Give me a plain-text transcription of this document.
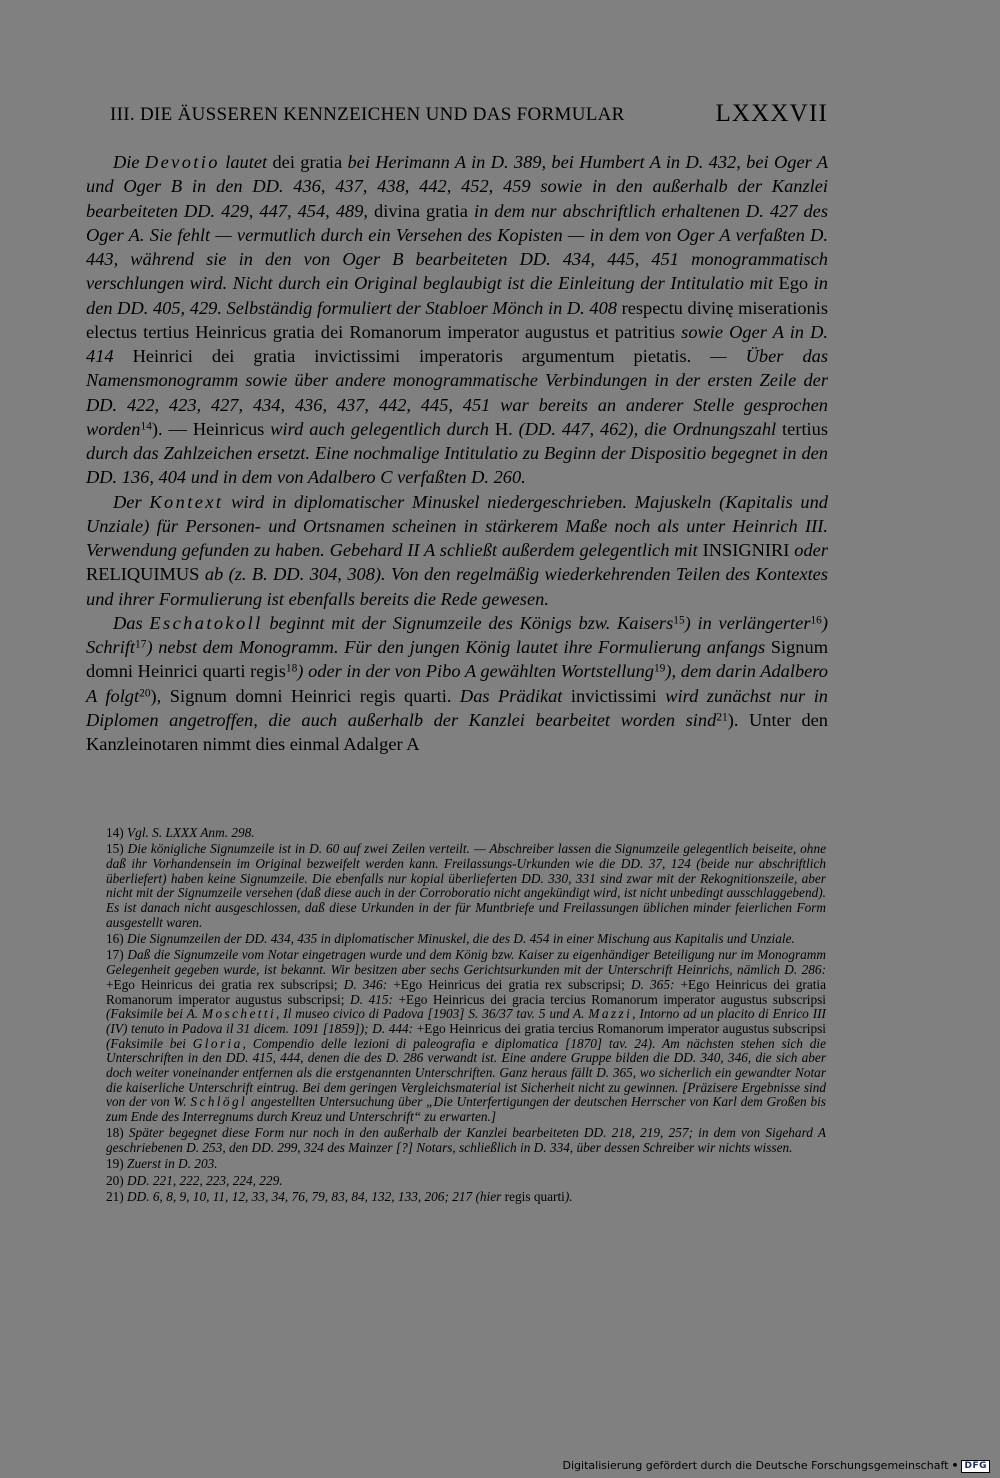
III. DIE ÄUSSEREN KENNZEICHEN UND DAS FORMULAR	LXXXVII

Die Devotio lautet dei gratia bei Herimann A in D. 389, bei Humbert A in D. 432, bei Oger A und Oger B in den DD. 436, 437, 438, 442, 452, 459 sowie in den außerhalb der Kanzlei bearbeiteten DD. 429, 447, 454, 489, divina gratia in dem nur abschriftlich erhaltenen D. 427 des Oger A. Sie fehlt — vermutlich durch ein Versehen des Kopisten — in dem von Oger A verfaßten D. 443, während sie in den von Oger B bearbeiteten DD. 434, 445, 451 monogrammatisch verschlungen wird. Nicht durch ein Original beglaubigt ist die Einleitung der Intitulatio mit Ego in den DD. 405, 429. Selbständig formuliert der Stabloer Mönch in D. 408 respectu divinę miserationis electus tertius Heinricus gratia dei Romanorum imperator augustus et patritius sowie Oger A in D. 414 Heinrici dei gratia invictissimi imperatoris argumentum pietatis. — Über das Namensmonogramm sowie über andere monogrammatische Verbindungen in der ersten Zeile der DD. 422, 423, 427, 434, 436, 437, 442, 445, 451 war bereits an anderer Stelle gesprochen worden$^{14}$). — Heinricus wird auch gelegentlich durch H. (DD. 447, 462), die Ordnungszahl tertius durch das Zahlzeichen ersetzt. Eine nochmalige Intitulatio zu Beginn der Dispositio begegnet in den DD. 136, 404 und in dem von Adalbero C verfaßten D. 260.

Der Kontext wird in diplomatischer Minuskel niedergeschrieben. Majuskeln (Kapitalis und Unziale) für Personen- und Ortsnamen scheinen in stärkerem Maße noch als unter Heinrich III. Verwendung gefunden zu haben. Gebehard II A schließt außerdem gelegentlich mit INSIGNIRI oder RELIQUIMUS ab (z. B. DD. 304, 308). Von den regelmäßig wiederkehrenden Teilen des Kontextes und ihrer Formulierung ist ebenfalls bereits die Rede gewesen.

Das Eschatokoll beginnt mit der Signumzeile des Königs bzw. Kaisers$^{15}$) in verlängerter$^{16}$) Schrift$^{17}$) nebst dem Monogramm. Für den jungen König lautet ihre Formulierung anfangs Signum domni Heinrici quarti regis$^{18}$) oder in der von Pibo A gewählten Wortstellung$^{19}$), dem darin Adalbero A folgt$^{20}$), Signum domni Heinrici regis quarti. Das Prädikat invictissimi wird zunächst nur in Diplomen angetroffen, die auch außerhalb der Kanzlei bearbeitet worden sind$^{21}$). Unter den Kanzleinotaren nimmt dies einmal Adalger A

14) Vgl. S. LXXX Anm. 298.

15) Die königliche Signumzeile ist in D. 60 auf zwei Zeilen verteilt. — Abschreiber lassen die Signumzeile gelegentlich beiseite, ohne daß ihr Vorhandensein im Original bezweifelt werden kann. Freilassungs-Urkunden wie die DD. 37, 124 (beide nur abschriftlich überliefert) haben keine Signumzeile. Die ebenfalls nur kopial überlieferten DD. 330, 331 sind zwar mit der Rekognitionszeile, aber nicht mit der Signumzeile versehen (daß diese auch in der Corroboratio nicht angekündigt wird, ist nicht unbedingt ausschlaggebend). Es ist danach nicht ausgeschlossen, daß diese Urkunden in der für Muntbriefe und Freilassungen üblichen minder feierlichen Form ausgestellt waren.

16) Die Signumzeilen der DD. 434, 435 in diplomatischer Minuskel, die des D. 454 in einer Mischung aus Kapitalis und Unziale.

17) Daß die Signumzeile vom Notar eingetragen wurde und dem König bzw. Kaiser zu eigenhändiger Beteiligung nur im Monogramm Gelegenheit gegeben wurde, ist bekannt. Wir besitzen aber sechs Gerichtsurkunden mit der Unterschrift Heinrichs, nämlich D. 286: +Ego Heinricus dei gratia rex subscripsi; D. 346: +Ego Heinricus dei gratia rex subscripsi; D. 365: +Ego Heinricus dei gratia Romanorum imperator augustus subscripsi; D. 415: +Ego Heinricus dei gracia tercius Romanorum imperator augustus subscripsi (Faksimile bei A. Moschetti, Il museo civico di Padova [1903] S. 36/37 tav. 5 und A. Mazzi, Intorno ad un placito di Enrico III (IV) tenuto in Padova il 31 dicem. 1091 [1859]); D. 444: +Ego Heinricus dei gratia tercius Romanorum imperator augustus subscripsi (Faksimile bei Gloria, Compendio delle lezioni di paleografia e diplomatica [1870] tav. 24). Am nächsten stehen sich die Unterschriften in den DD. 415, 444, denen die des D. 286 verwandt ist. Eine andere Gruppe bilden die DD. 340, 346, die sich aber doch weiter voneinander entfernen als die erstgenannten Unterschriften. Ganz heraus fällt D. 365, wo sicherlich ein gewandter Notar die kaiserliche Unterschrift eintrug. Bei dem geringen Vergleichsmaterial ist Sicherheit nicht zu gewinnen. [Präzisere Ergebnisse sind von der von W. Schlögl angestellten Untersuchung über „Die Unterfertigungen der deutschen Herrscher von Karl dem Großen bis zum Ende des Interregnums durch Kreuz und Unterschrift“ zu erwarten.]

18) Später begegnet diese Form nur noch in den außerhalb der Kanzlei bearbeiteten DD. 218, 219, 257; in dem von Sigehard A geschriebenen D. 253, den DD. 299, 324 des Mainzer [?] Notars, schließlich in D. 334, über dessen Schreiber wir nichts wissen.

19) Zuerst in D. 203.

20) DD. 221, 222, 223, 224, 229.

21) DD. 6, 8, 9, 10, 11, 12, 33, 34, 76, 79, 83, 84, 132, 133, 206; 217 (hier regis quarti).

Digitalisierung gefördert durch die Deutsche Forschungsgemeinschaft • DFG
